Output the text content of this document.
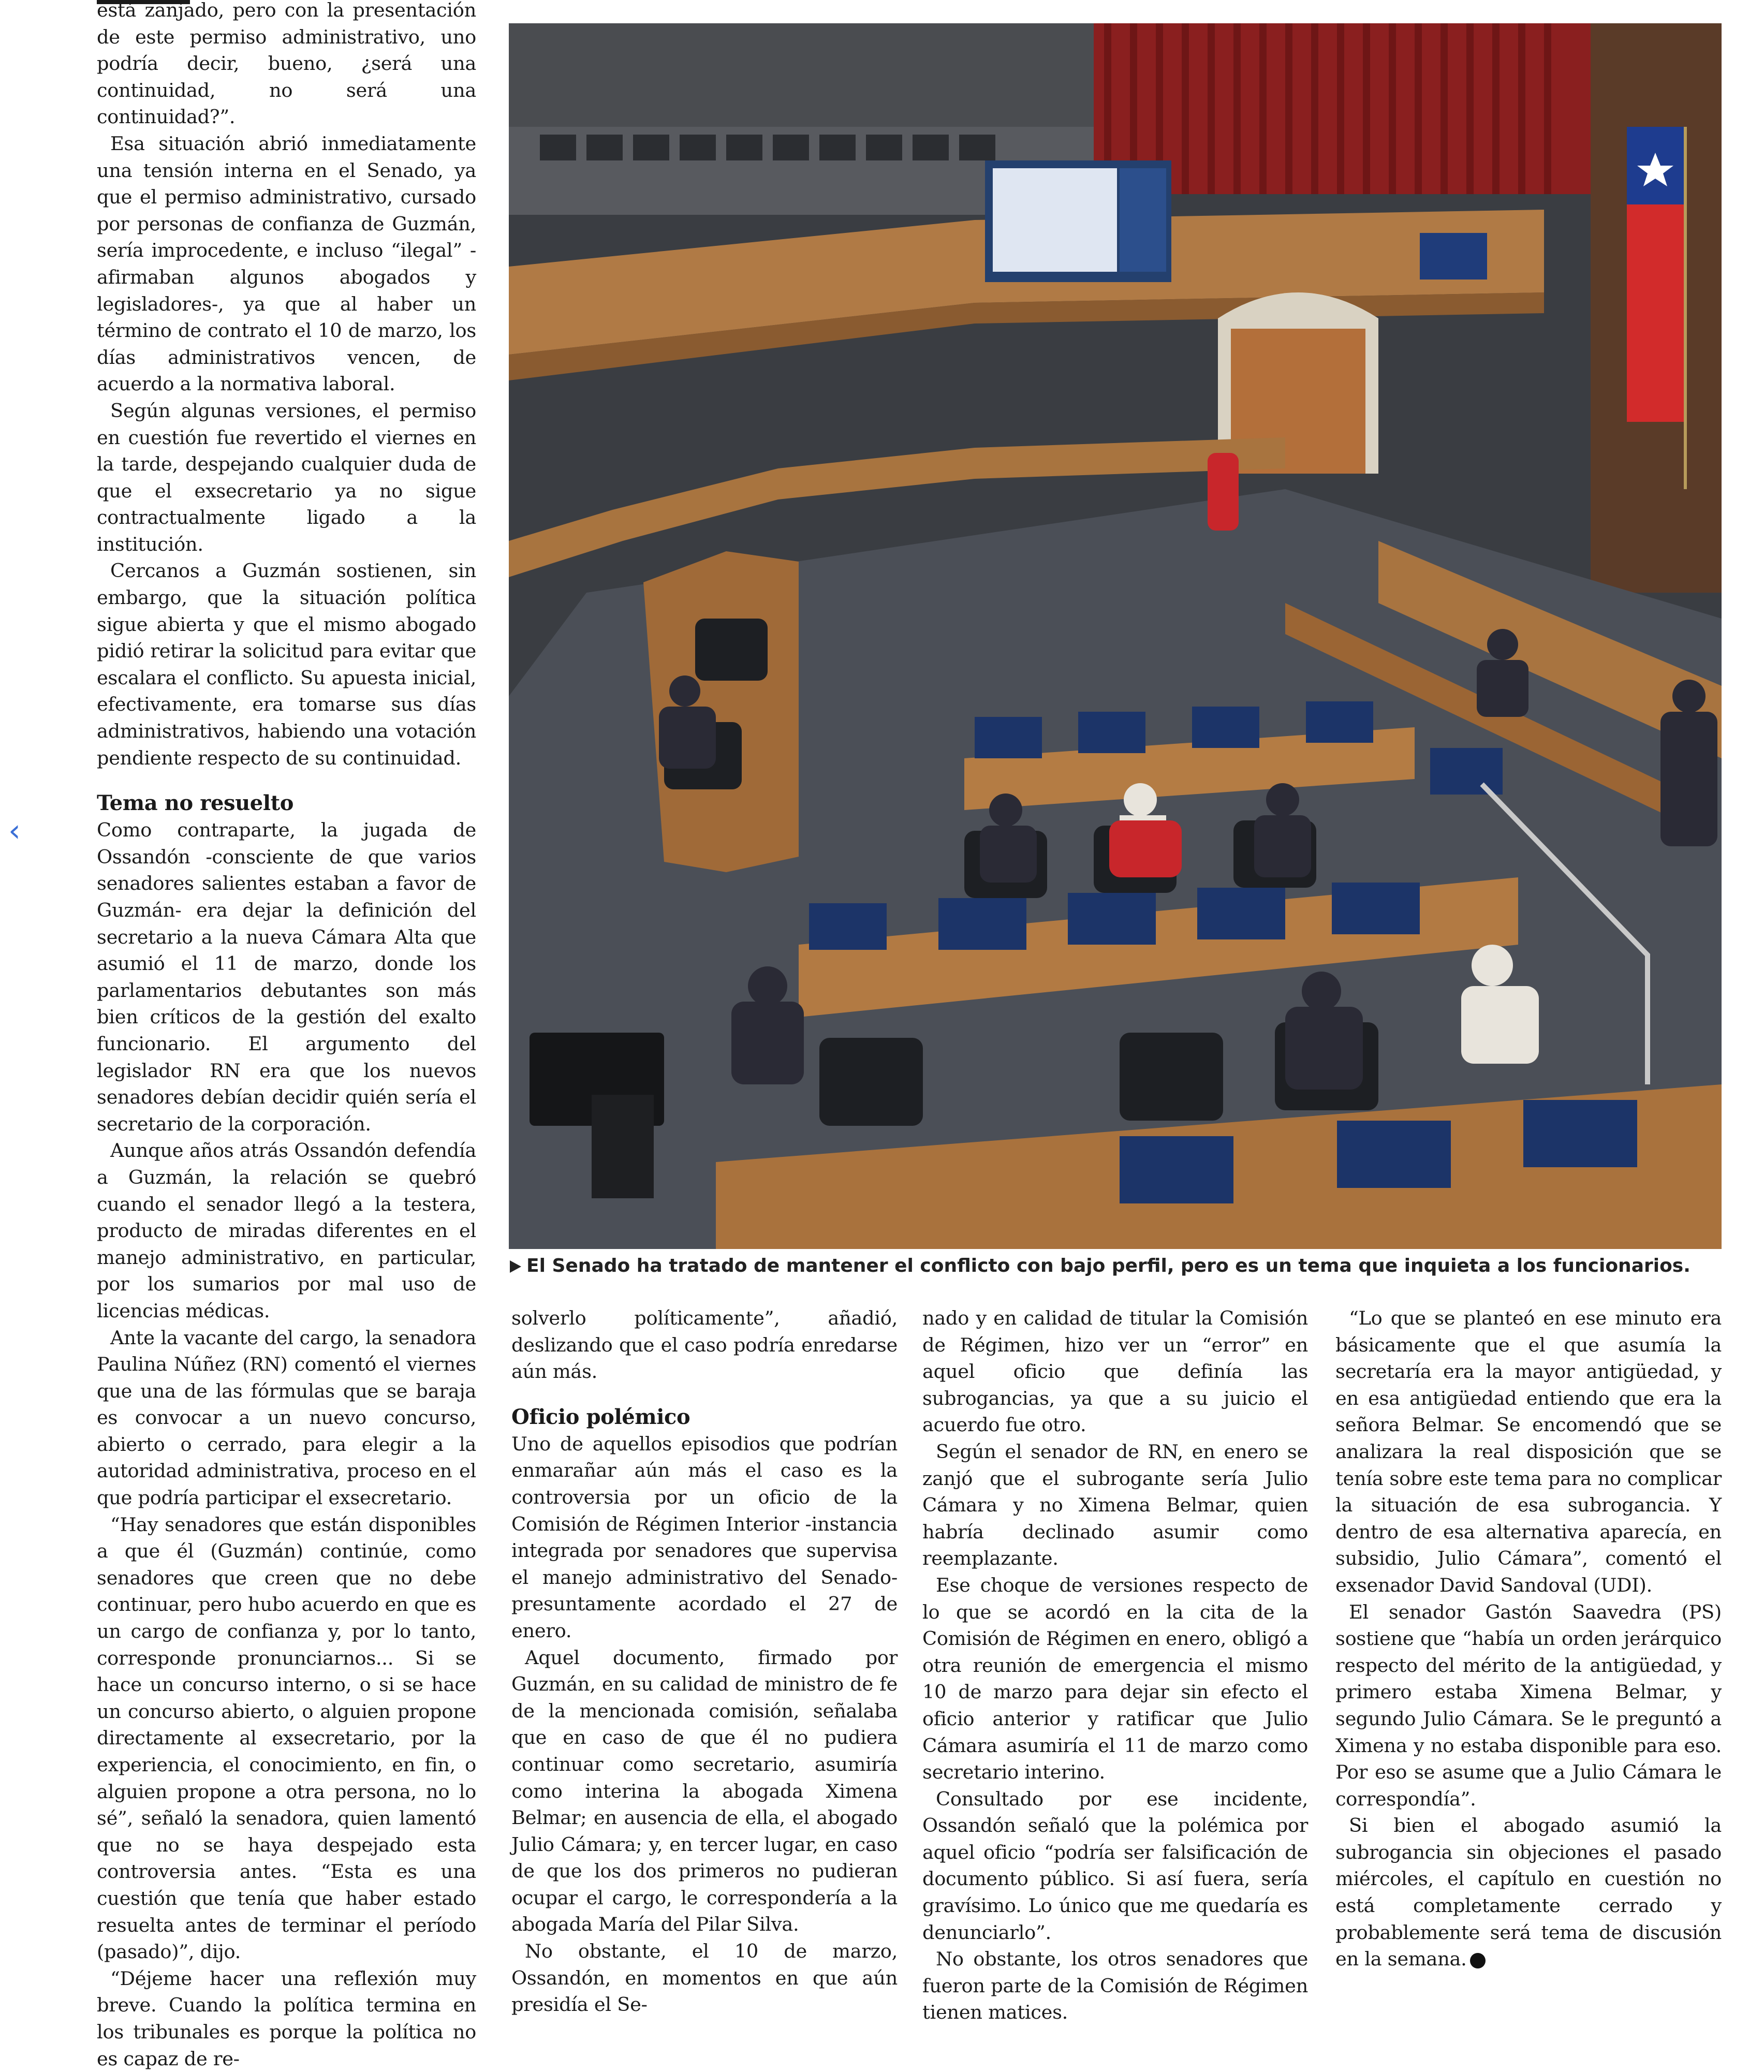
‹

está zanjado, pero con la presentación de este permiso administrativo, uno podría decir, bueno, ¿será una continuidad, no será una continuidad?”.

Esa situación abrió inmediatamente una tensión interna en el Senado, ya que el permiso administrativo, cursado por personas de confianza de Guzmán, sería improcedente, e incluso “ilegal” -afirmaban algunos abogados y legisladores-, ya que al haber un término de contrato el 10 de marzo, los días administrativos vencen, de acuerdo a la normativa laboral.

Según algunas versiones, el permiso en cuestión fue revertido el viernes en la tarde, despejando cualquier duda de que el exsecretario ya no sigue contractualmente ligado a la institución.

Cercanos a Guzmán sostienen, sin embargo, que la situación política sigue abierta y que el mismo abogado pidió retirar la solicitud para evitar que escalara el conflicto. Su apuesta inicial, efectivamente, era tomarse sus días administrativos, habiendo una votación pendiente respecto de su continuidad.

Tema no resuelto

Como contraparte, la jugada de Ossandón -consciente de que varios senadores salientes estaban a favor de Guzmán- era dejar la definición del secretario a la nueva Cámara Alta que asumió el 11 de marzo, donde los parlamentarios debutantes son más bien críticos de la gestión del exalto funcionario. El argumento del legislador RN era que los nuevos senadores debían decidir quién sería el secretario de la corporación.

Aunque años atrás Ossandón defendía a Guzmán, la relación se quebró cuando el senador llegó a la testera, producto de miradas diferentes en el manejo administrativo, en particular, por los sumarios por mal uso de licencias médicas.

Ante la vacante del cargo, la senadora Paulina Núñez (RN) comentó el viernes que una de las fórmulas que se baraja es convocar a un nuevo concurso, abierto o cerrado, para elegir a la autoridad administrativa, proceso en el que podría participar el exsecretario.

“Hay senadores que están disponibles a que él (Guzmán) continúe, como senadores que creen que no debe continuar, pero hubo acuerdo en que es un cargo de confianza y, por lo tanto, corresponde pronunciarnos... Si se hace un concurso interno, o si se hace un concurso abierto, o alguien propone directamente al exsecretario, por la experiencia, el conocimiento, en fin, o alguien propone a otra persona, no lo sé”, señaló la senadora, quien lamentó que no se haya despejado esta controversia antes. “Esta es una cuestión que tenía que haber estado resuelta antes de terminar el período (pasado)”, dijo.

“Déjeme hacer una reflexión muy breve. Cuando la política termina en los tribunales es porque la política no es capaz de re-

El Senado ha tratado de mantener el conflicto con bajo perfil, pero es un tema que inquieta a los funcionarios.

solverlo políticamente”, añadió, deslizando que el caso podría enredarse aún más.

Oficio polémico

Uno de aquellos episodios que podrían enmarañar aún más el caso es la controversia por un oficio de la Comisión de Régimen Interior -instancia integrada por senadores que supervisa el manejo administrativo del Senado- presuntamente acordado el 27 de enero.

Aquel documento, firmado por Guzmán, en su calidad de ministro de fe de la mencionada comisión, señalaba que en caso de que él no pudiera continuar como secretario, asumiría como interina la abogada Ximena Belmar; en ausencia de ella, el abogado Julio Cámara; y, en tercer lugar, en caso de que los dos primeros no pudieran ocupar el cargo, le correspondería a la abogada María del Pilar Silva.

No obstante, el 10 de marzo, Ossandón, en momentos en que aún presidía el Se-

nado y en calidad de titular la Comisión de Régimen, hizo ver un “error” en aquel oficio que definía las subrogancias, ya que a su juicio el acuerdo fue otro.

Según el senador de RN, en enero se zanjó que el subrogante sería Julio Cámara y no Ximena Belmar, quien habría declinado asumir como reemplazante.

Ese choque de versiones respecto de lo que se acordó en la cita de la Comisión de Régimen en enero, obligó a otra reunión de emergencia el mismo 10 de marzo para dejar sin efecto el oficio anterior y ratificar que Julio Cámara asumiría el 11 de marzo como secretario interino.

Consultado por ese incidente, Ossandón señaló que la polémica por aquel oficio “podría ser falsificación de documento público. Si así fuera, sería gravísimo. Lo único que me quedaría es denunciarlo”.

No obstante, los otros senadores que fueron parte de la Comisión de Régimen tienen matices.

“Lo que se planteó en ese minuto era básicamente que el que asumía la secretaría era la mayor antigüedad, y en esa antigüedad entiendo que era la señora Belmar. Se encomendó que se analizara la real disposición que se tenía sobre este tema para no complicar la situación de esa subrogancia. Y dentro de esa alternativa aparecía, en subsidio, Julio Cámara”, comentó el exsenador David Sandoval (UDI).

El senador Gastón Saavedra (PS) sostiene que “había un orden jerárquico respecto del mérito de la antigüedad, y primero estaba Ximena Belmar, y segundo Julio Cámara. Se le preguntó a Ximena y no estaba disponible para eso. Por eso se asume que a Julio Cámara le correspondía”.

Si bien el abogado asumió la subrogancia sin objeciones el pasado miércoles, el capítulo en cuestión no está completamente cerrado y probablemente será tema de discusión en la semana.
